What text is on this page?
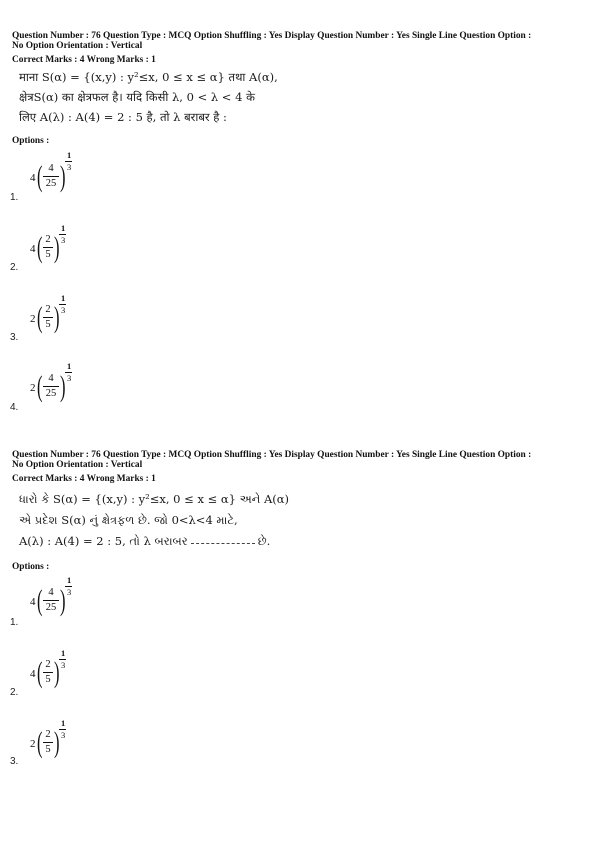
Question Number : 76 Question Type : MCQ Option Shuffling : Yes Display Question Number : Yes Single Line Question Option :
No Option Orientation : Vertical
Correct Marks : 4 Wrong Marks : 1
माना S(α) = {(x,y) : y²≤x, 0 ≤ x ≤ α} तथा A(α),
क्षेत्रS(α) का क्षेत्रफल है। यदि किसी λ, 0 < λ < 4 के
लिए A(λ) : A(4) = 2 : 5 है, तो λ बराबर है :
Options :
1.
4 ( 4
25 )
1
3
2.
4 ( 2
5 )
1
3
3.
2 ( 2
5 )
1
3
4.
2 ( 4
25 )
1
3
Question Number : 76 Question Type : MCQ Option Shuffling : Yes Display Question Number : Yes Single Line Question Option :
No Option Orientation : Vertical
Correct Marks : 4 Wrong Marks : 1
ધારો કે S(α) = {(x,y) : y²≤x, 0 ≤ x ≤ α} અને A(α)
એ પ્રદેશ S(α) નું ક્ષેત્રફળ છે. જો 0<λ<4 માટે,
A(λ) : A(4) = 2 : 5, તો λ બરાબર	છે.
Options :
1.
4 ( 4
25 )
1
3
2.
4 ( 2
5 )
1
3
3.
2 ( 2
5 )
1
3
